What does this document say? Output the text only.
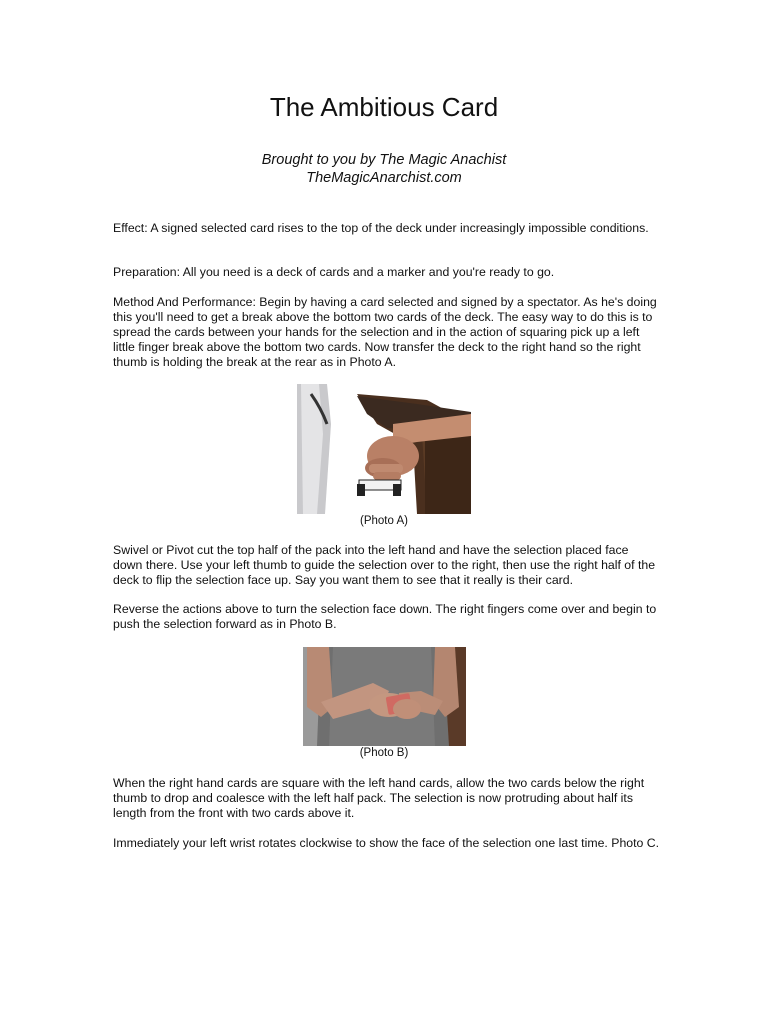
The Ambitious Card
Brought to you by The Magic Anachist
TheMagicAnarchist.com

Effect: A signed selected card rises to the top of the deck under increasingly impossible conditions.

Preparation: All you need is a deck of cards and a marker and you're ready to go.

Method And Performance: Begin by having a card selected and signed by a spectator. As he's doing this you'll need to get a break above the bottom two cards of the deck. The easy way to do this is to spread the cards between your hands for the selection and in the action of squaring pick up a left little finger break above the bottom two cards. Now transfer the deck to the right hand so the right thumb is holding the break at the rear as in Photo A.

(Photo A)

Swivel or Pivot cut the top half of the pack into the left hand and have the selection placed face down there. Use your left thumb to guide the selection over to the right, then use the right half of the deck to flip the selection face up. Say you want them to see that it really is their card.

Reverse the actions above to turn the selection face down. The right fingers come over and begin to push the selection forward as in Photo B.

(Photo B)

When the right hand cards are square with the left hand cards, allow the two cards below the right thumb to drop and coalesce with the left half pack. The selection is now protruding about half its length from the front with two cards above it.

Immediately your left wrist rotates clockwise to show the face of the selection one last time. Photo C.
